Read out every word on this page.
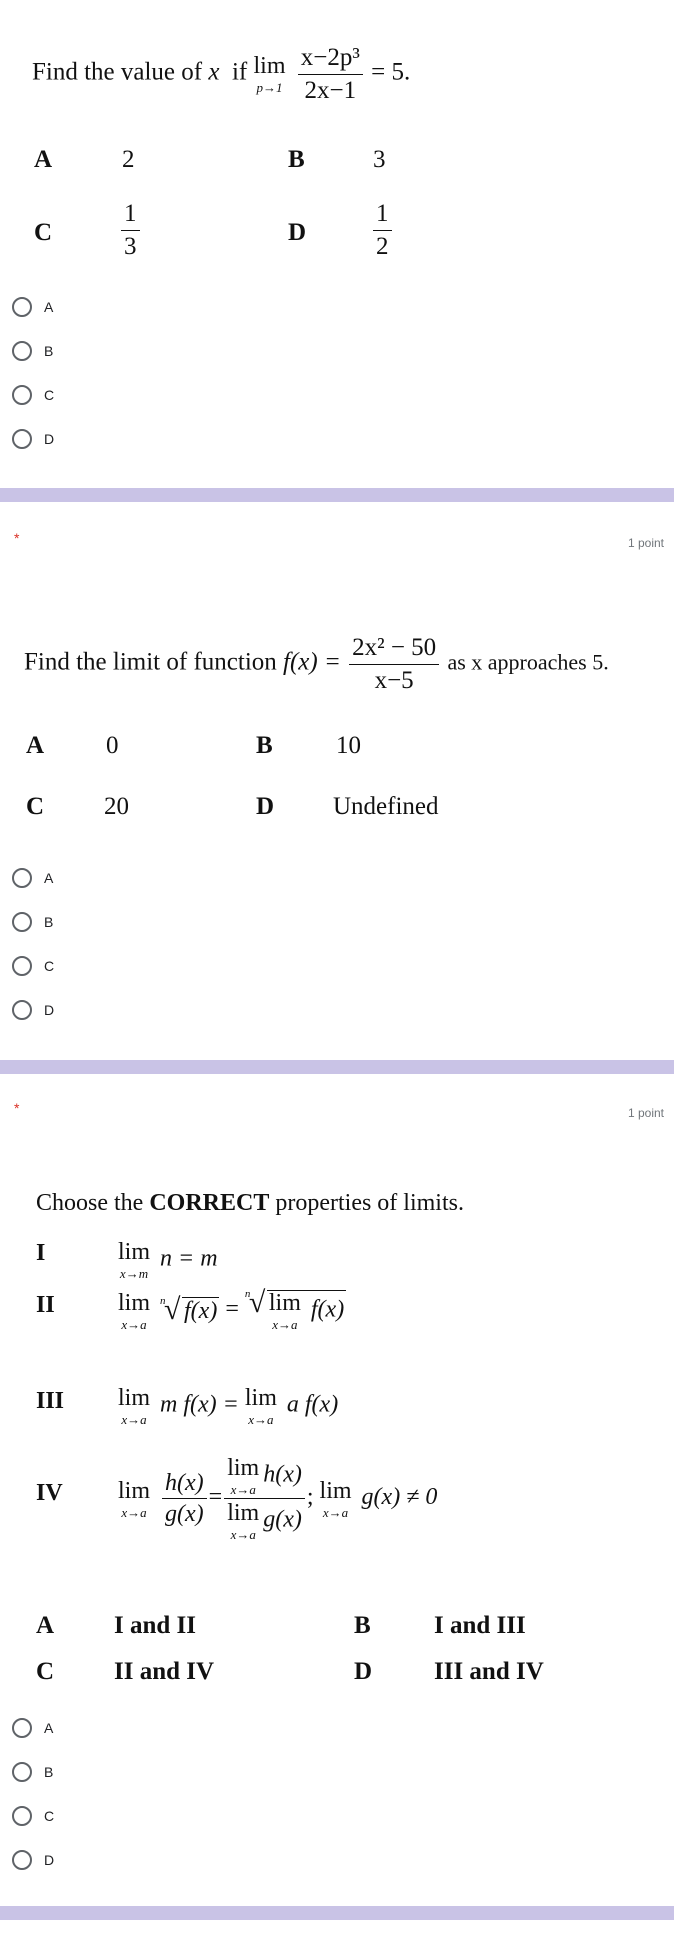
Find the value of x if lim
p→1
$\frac{\text{x−2p³}}{2x-1} = 5$.
A	2	B	3
C	$\frac{1}{3}$	D	$\frac{1}{2}$
A
B
C
D
*	1 point
Find the limit of function $f(x) = \frac{\text{2x² − 50}}{x-5}$ as x approaches 5.
A 0	B	10
C 20	D Undefined
A
B
C
D
*	1 point
Choose the CORRECT properties of limits.
I	lim
x→m
n = m
II	lim
x→a

n
√ f(x) =
n
√ lim
x→a
f(x)
III lim
x→a
m f(x) = lim
x→a
a f(x)
IV lim
x→a
$\frac{h(x)}{g(x)} = \lim$
x→a
h(x)
lim
x→a
g(x) ; lim
x→a
g(x) ≠ 0
A I and II	B	I and III
C II and IV	D III and IV
A
B
C
D
